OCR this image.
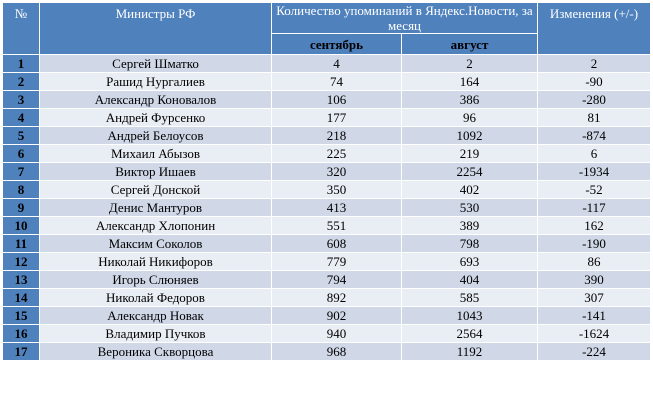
№	Министры РФ	Количество упоминаний в Яндекс.Новости, за месяц		Изменения (+/-)
		сентябрь	август	
1	Сергей Шматко	4	2	2
2	Рашид Нургалиев	74	164	-90
3	Александр Коновалов	106	386	-280
4	Андрей Фурсенко	177	96	81
5	Андрей Белоусов	218	1092	-874
6	Михаил Абызов	225	219	6
7	Виктор Ишаев	320	2254	-1934
8	Сергей Донской	350	402	-52
9	Денис Мантуров	413	530	-117
10	Александр Хлопонин	551	389	162
11	Максим Соколов	608	798	-190
12	Николай Никифоров	779	693	86
13	Игорь Слюняев	794	404	390
14	Николай Федоров	892	585	307
15	Александр Новак	902	1043	-141
16	Владимир Пучков	940	2564	-1624
17	Вероника Скворцова	968	1192	-224
